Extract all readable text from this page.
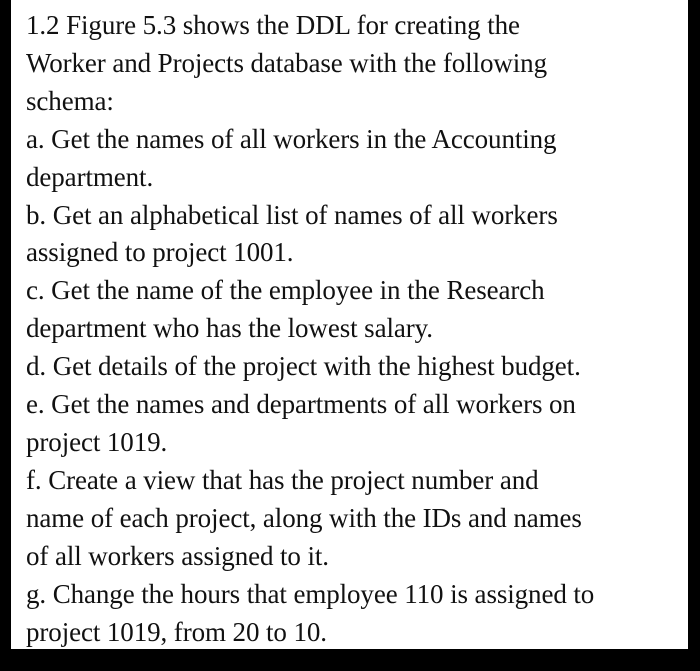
1.2 Figure 5.3 shows the DDL for creating the
Worker and Projects database with the following
schema:
a. Get the names of all workers in the Accounting
department.
b. Get an alphabetical list of names of all workers
assigned to project 1001.
c. Get the name of the employee in the Research
department who has the lowest salary.
d. Get details of the project with the highest budget.
e. Get the names and departments of all workers on
project 1019.
f. Create a view that has the project number and
name of each project, along with the IDs and names
of all workers assigned to it.
g. Change the hours that employee 110 is assigned to
project 1019, from 20 to 10.
